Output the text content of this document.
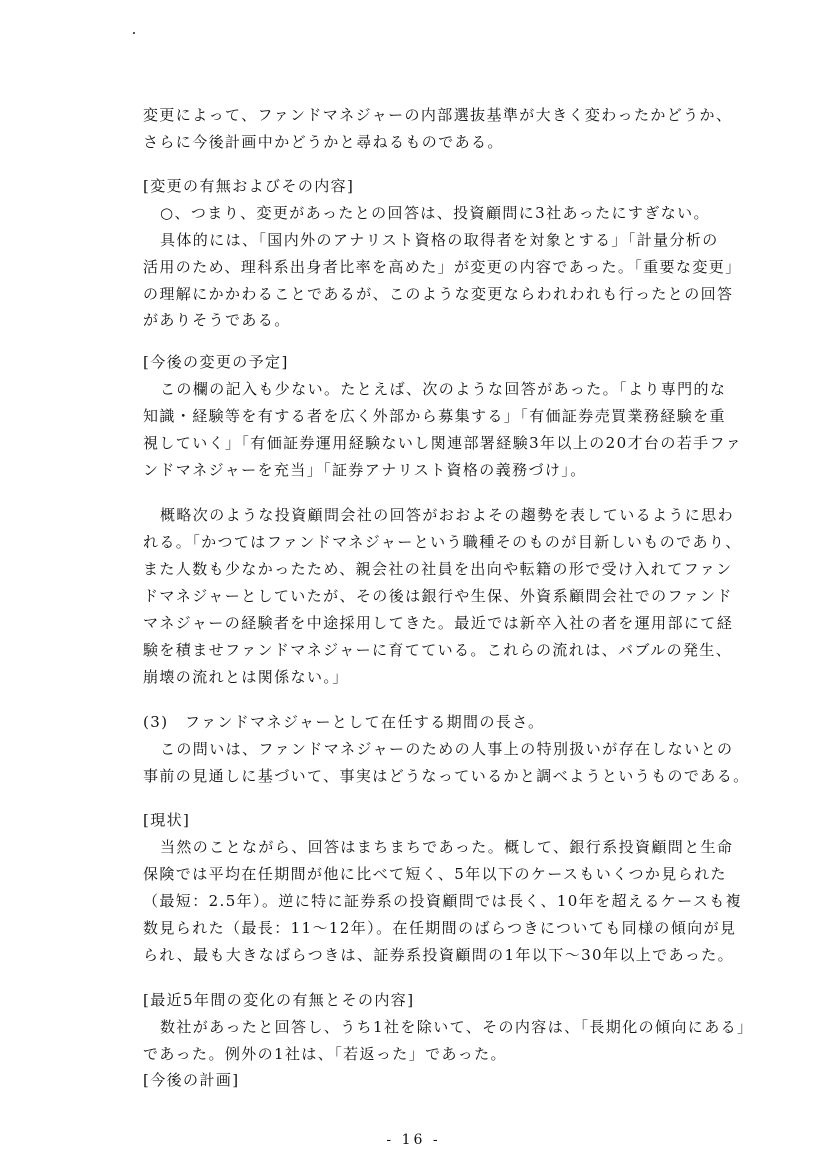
変更によって、ファンドマネジャーの内部選抜基準が大きく変わったかどうか、
さらに今後計画中かどうかと尋ねるものである。
[変更の有無およびその内容]
○、つまり、変更があったとの回答は、投資顧問に3社あったにすぎない。
具体的には、「国内外のアナリスト資格の取得者を対象とする」「計量分析の
活用のため、理科系出身者比率を高めた」が変更の内容であった。「重要な変更」
の理解にかかわることであるが、このような変更ならわれわれも行ったとの回答
がありそうである。
[今後の変更の予定]
この欄の記入も少ない。たとえば、次のような回答があった。「より専門的な
知識・経験等を有する者を広く外部から募集する」「有価証券売買業務経験を重
視していく」「有価証券運用経験ないし関連部署経験3年以上の20才台の若手ファ
ンドマネジャーを充当」「証券アナリスト資格の義務づけ」。
概略次のような投資顧問会社の回答がおおよその趨勢を表しているように思わ
れる。「かつてはファンドマネジャーという職種そのものが目新しいものであり、
また人数も少なかったため、親会社の社員を出向や転籍の形で受け入れてファン
ドマネジャーとしていたが、その後は銀行や生保、外資系顧問会社でのファンド
マネジャーの経験者を中途採用してきた。最近では新卒入社の者を運用部にて経
験を積ませファンドマネジャーに育てている。これらの流れは、バブルの発生、
崩壊の流れとは関係ない。」
(3)　ファンドマネジャーとして在任する期間の長さ。
この問いは、ファンドマネジャーのための人事上の特別扱いが存在しないとの
事前の見通しに基づいて、事実はどうなっているかと調べようというものである。
[現状]
当然のことながら、回答はまちまちであった。概して、銀行系投資顧問と生命
保険では平均在任期間が他に比べて短く、5年以下のケースもいくつか見られた
（最短：2.5年）。逆に特に証券系の投資顧問では長く、10年を超えるケースも複
数見られた（最長：11〜12年）。在任期間のばらつきについても同様の傾向が見
られ、最も大きなばらつきは、証券系投資顧問の1年以下〜30年以上であった。
[最近5年間の変化の有無とその内容]
数社があったと回答し、うち1社を除いて、その内容は、「長期化の傾向にある」
であった。例外の1社は、「若返った」であった。
[今後の計画]
- 16 -
